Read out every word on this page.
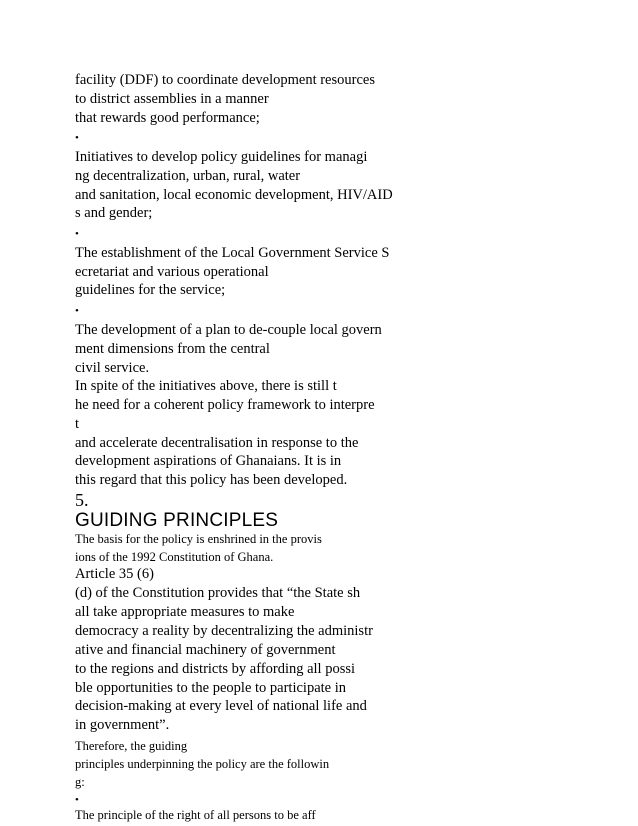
facility (DDF) to coordinate development resources
to district assemblies in a manner
that rewards good performance;
•
Initiatives to develop policy guidelines for managi
ng decentralization, urban, rural, water
and sanitation, local economic development, HIV/AID
s and gender;
•
The establishment of the Local Government Service S
ecretariat and various operational
guidelines for the service;
•
The development of a plan to de-couple local govern
ment dimensions from the central
civil service.
In spite of the initiatives above, there is still t
he need for a coherent policy framework to interpre
t
and accelerate decentralisation in response to the
development aspirations of Ghanaians. It is in
this regard that this policy has been developed.
5.
GUIDING PRINCIPLES
The basis for the policy is enshrined in the provis
ions of the 1992 Constitution of Ghana.
Article 35 (6)
(d) of the Constitution provides that “the State sh
all take appropriate measures to make
democracy a reality by decentralizing the administr
ative and financial machinery of government
to the regions and districts by affording all possi
ble opportunities to the people to participate in
decision-making at every level of national life and
in government”.
Therefore, the guiding
principles underpinning the policy are the followin
g:
•
The principle of the right of all persons to be aff
